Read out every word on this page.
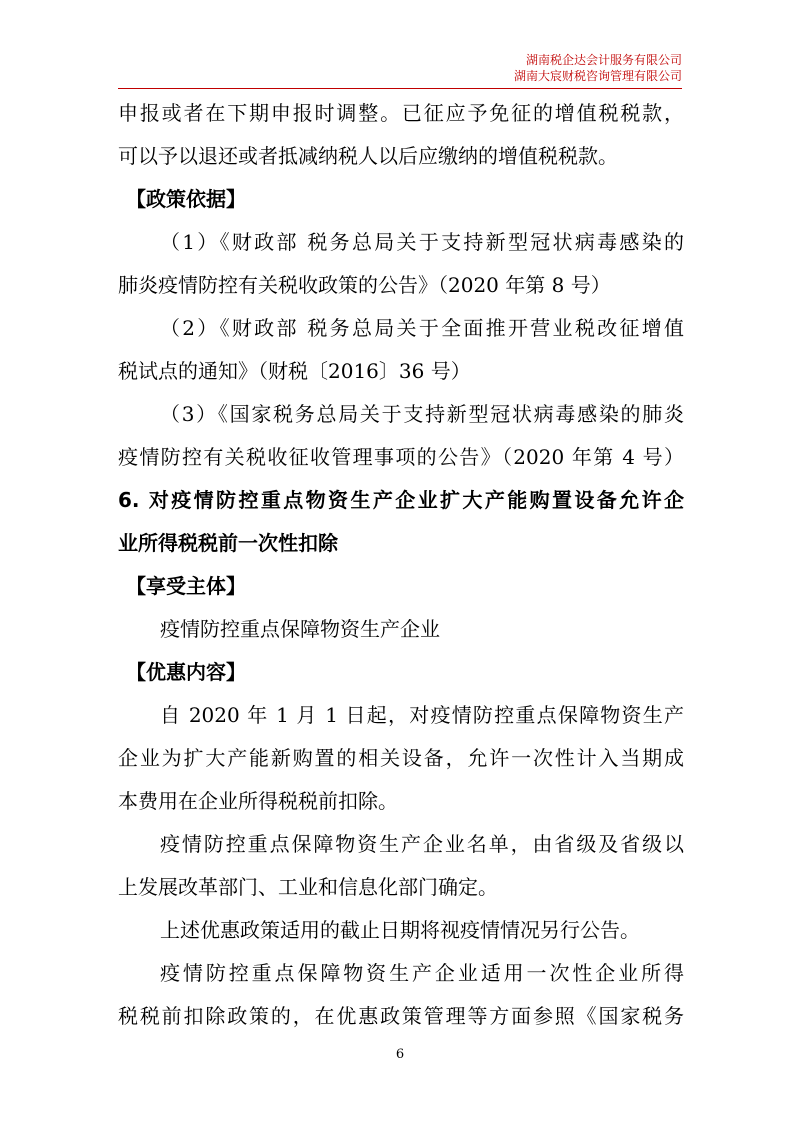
湖南税企达会计服务有限公司
湖南大宸财税咨询管理有限公司
申报或者在下期申报时调整。已征应予免征的增值税税款，
可以予以退还或者抵减纳税人以后应缴纳的增值税税款。
【政策依据】
（1）《财政部 税务总局关于支持新型冠状病毒感染的
肺炎疫情防控有关税收政策的公告》（2020 年第 8 号）
（2）《财政部 税务总局关于全面推开营业税改征增值
税试点的通知》（财税〔2016〕36 号）
（3）《国家税务总局关于支持新型冠状病毒感染的肺炎
疫情防控有关税收征收管理事项的公告》（2020 年第 4 号）
6. 对疫情防控重点物资生产企业扩大产能购置设备允许企
业所得税税前一次性扣除
【享受主体】
疫情防控重点保障物资生产企业
【优惠内容】
自 2020 年 1 月 1 日起，对疫情防控重点保障物资生产
企业为扩大产能新购置的相关设备，允许一次性计入当期成
本费用在企业所得税税前扣除。
疫情防控重点保障物资生产企业名单，由省级及省级以
上发展改革部门、工业和信息化部门确定。
上述优惠政策适用的截止日期将视疫情情况另行公告。
疫情防控重点保障物资生产企业适用一次性企业所得
税税前扣除政策的，在优惠政策管理等方面参照《国家税务
6
